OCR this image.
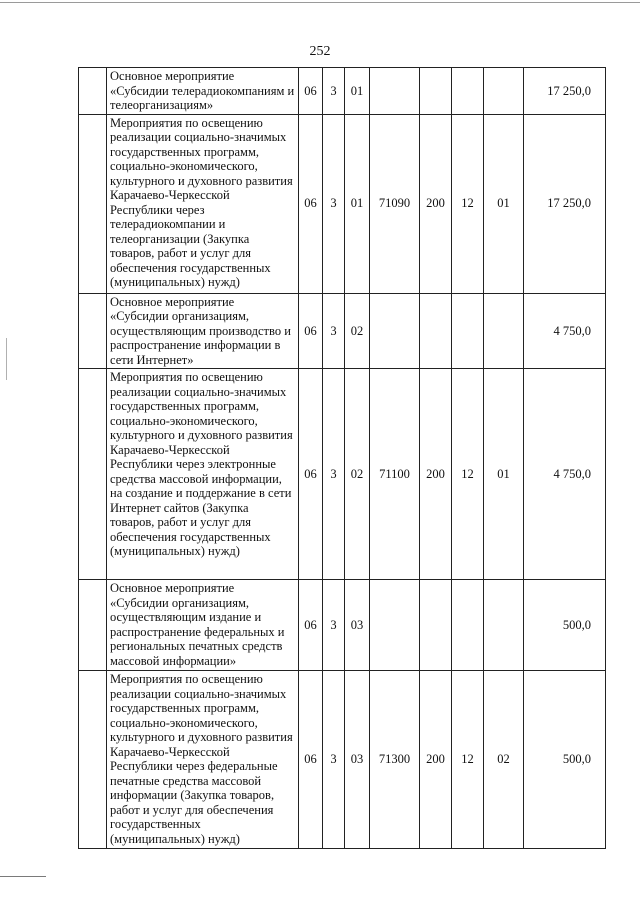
252
	Основное мероприятие «Субсидии телерадиокомпаниям и телеорганизациям»	06	3	01					17 250,0
	Мероприятия по освещению реализации социально-значимых государственных программ, социально-экономического, культурного и духовного развития Карачаево-Черкесской Республики через телерадиокомпании и телеорганизации (Закупка товаров, работ и услуг для обеспечения государственных (муниципальных) нужд)	06	3	01	71090	200	12	01	17 250,0
	Основное мероприятие «Субсидии организациям, осуществляющим производство и распространение информации в сети Интернет»	06	3	02					4 750,0
	Мероприятия по освещению реализации социально-значимых государственных программ, социально-экономического, культурного и духовного развития Карачаево-Черкесской Республики через электронные средства массовой информации, на создание и поддержание в сети Интернет сайтов (Закупка товаров, работ и услуг для обеспечения государственных (муниципальных) нужд)	06	3	02	71100	200	12	01	4 750,0
	Основное мероприятие «Субсидии организациям, осуществляющим издание и распространение федеральных и региональных печатных средств массовой информации»	06	3	03					500,0
	Мероприятия по освещению реализации социально-значимых государственных программ, социально-экономического, культурного и духовного развития Карачаево-Черкесской Республики через федеральные печатные средства массовой информации (Закупка товаров, работ и услуг для обеспечения государственных (муниципальных) нужд)	06	3	03	71300	200	12	02	500,0
